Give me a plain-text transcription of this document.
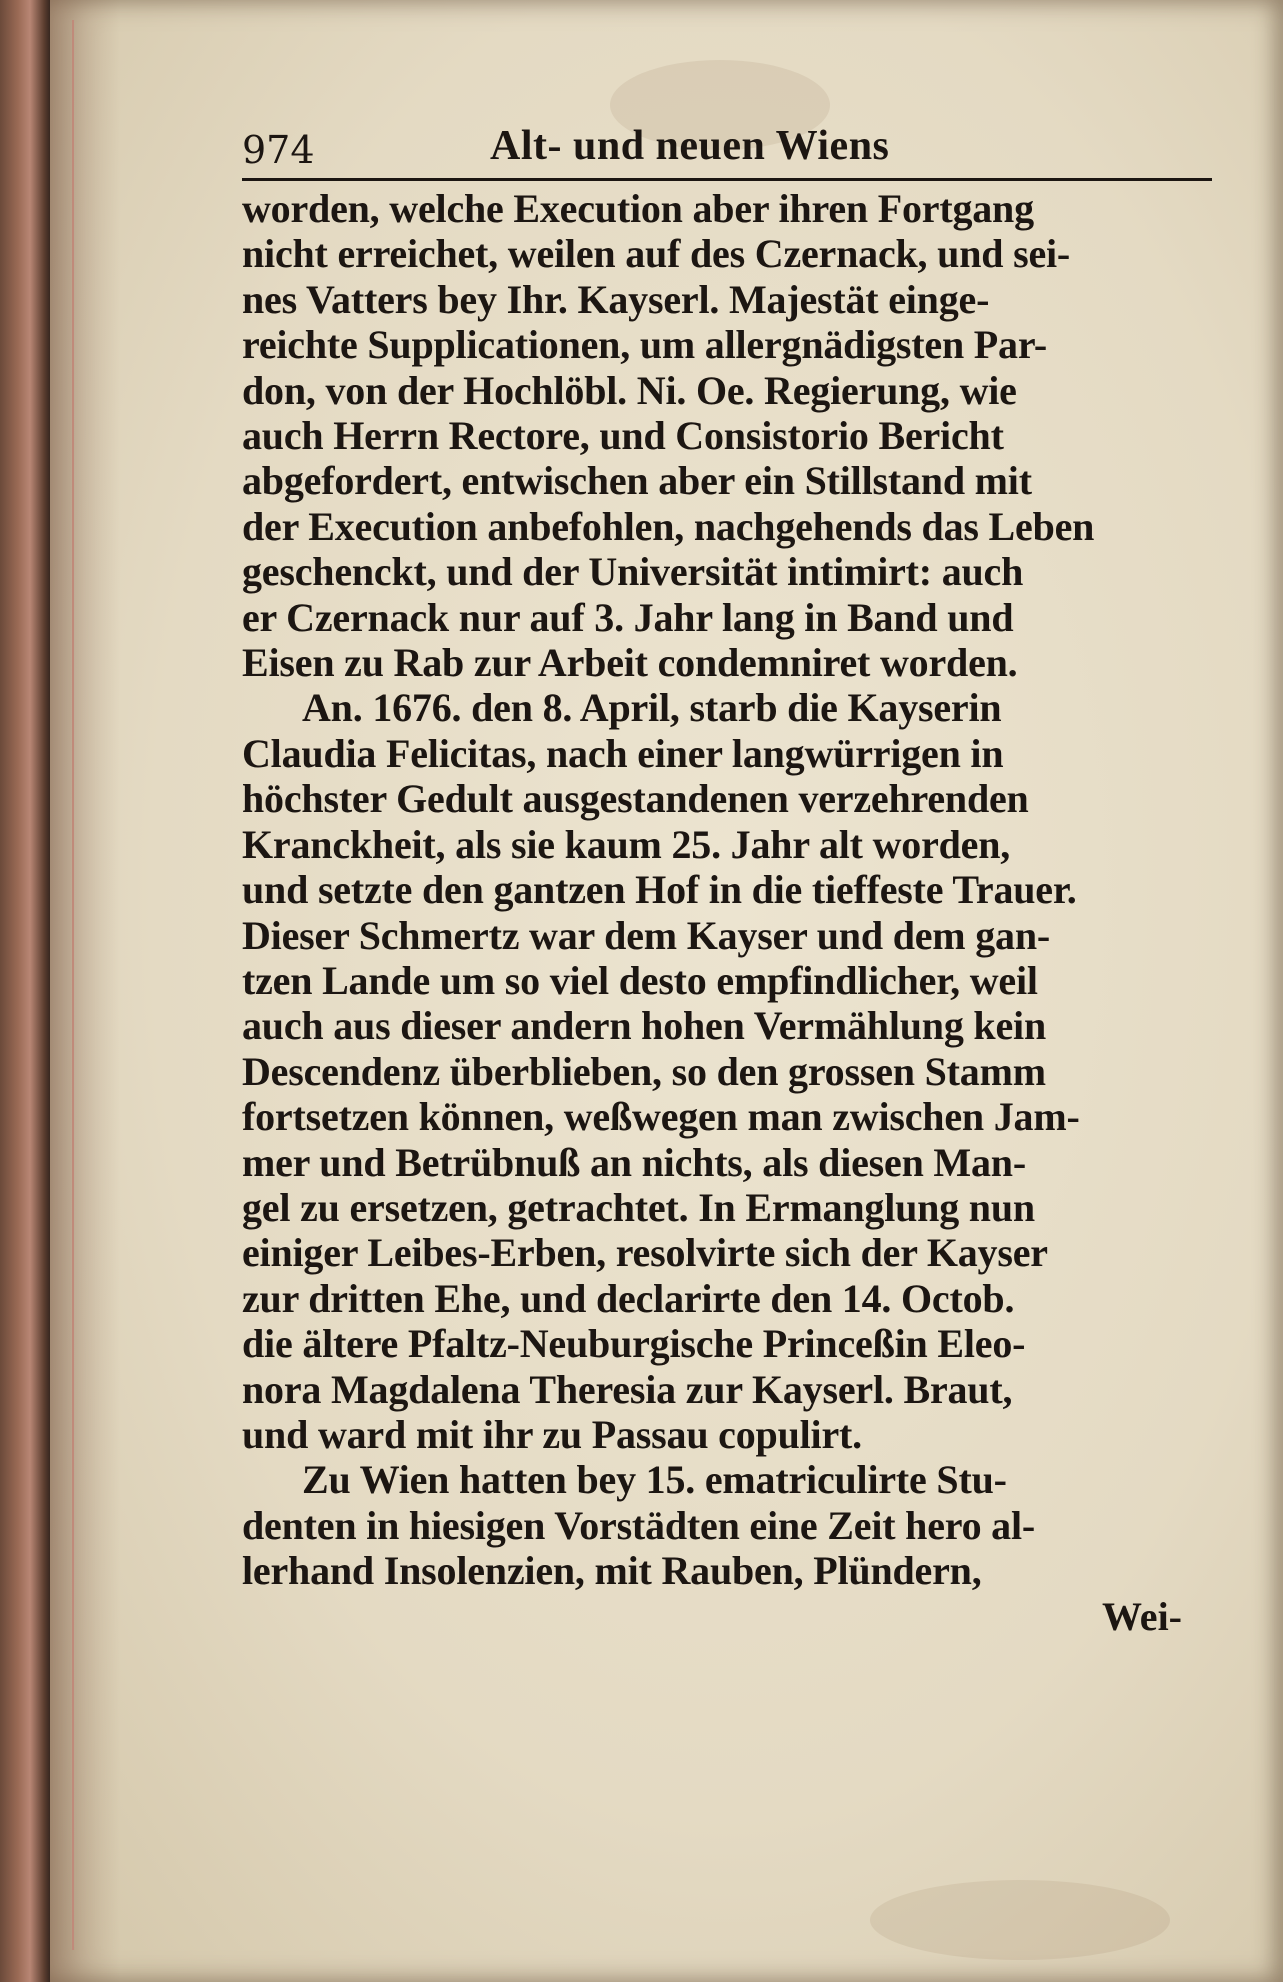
974	Alt- und neuen Wiens
worden, welche Execution aber ihren Fortgang
nicht erreichet, weilen auf des Czernack, und sei-
nes Vatters bey Ihr. Kayserl. Majestät einge-
reichte Supplicationen, um allergnädigsten Par-
don, von der Hochlöbl. Ni. Oe. Regierung, wie
auch Herrn Rectore, und Consistorio Bericht
abgefordert, entwischen aber ein Stillstand mit
der Execution anbefohlen, nachgehends das Leben
geschenckt, und der Universität intimirt: auch
er Czernack nur auf 3. Jahr lang in Band und
Eisen zu Rab zur Arbeit condemniret worden.
An. 1676. den 8. April, starb die Kayserin
Claudia Felicitas, nach einer langwürrigen in
höchster Gedult ausgestandenen verzehrenden
Kranckheit, als sie kaum 25. Jahr alt worden,
und setzte den gantzen Hof in die tieffeste Trauer.
Dieser Schmertz war dem Kayser und dem gan-
tzen Lande um so viel desto empfindlicher, weil
auch aus dieser andern hohen Vermählung kein
Descendenz überblieben, so den grossen Stamm
fortsetzen können, weßwegen man zwischen Jam-
mer und Betrübnuß an nichts, als diesen Man-
gel zu ersetzen, getrachtet. In Ermanglung nun
einiger Leibes-Erben, resolvirte sich der Kayser
zur dritten Ehe, und declarirte den 14. Octob.
die ältere Pfaltz-Neuburgische Princeßin Eleo-
nora Magdalena Theresia zur Kayserl. Braut,
und ward mit ihr zu Passau copulirt.
Zu Wien hatten bey 15. ematriculirte Stu-
denten in hiesigen Vorstädten eine Zeit hero al-
lerhand Insolenzien, mit Rauben, Plündern,
Wei-
